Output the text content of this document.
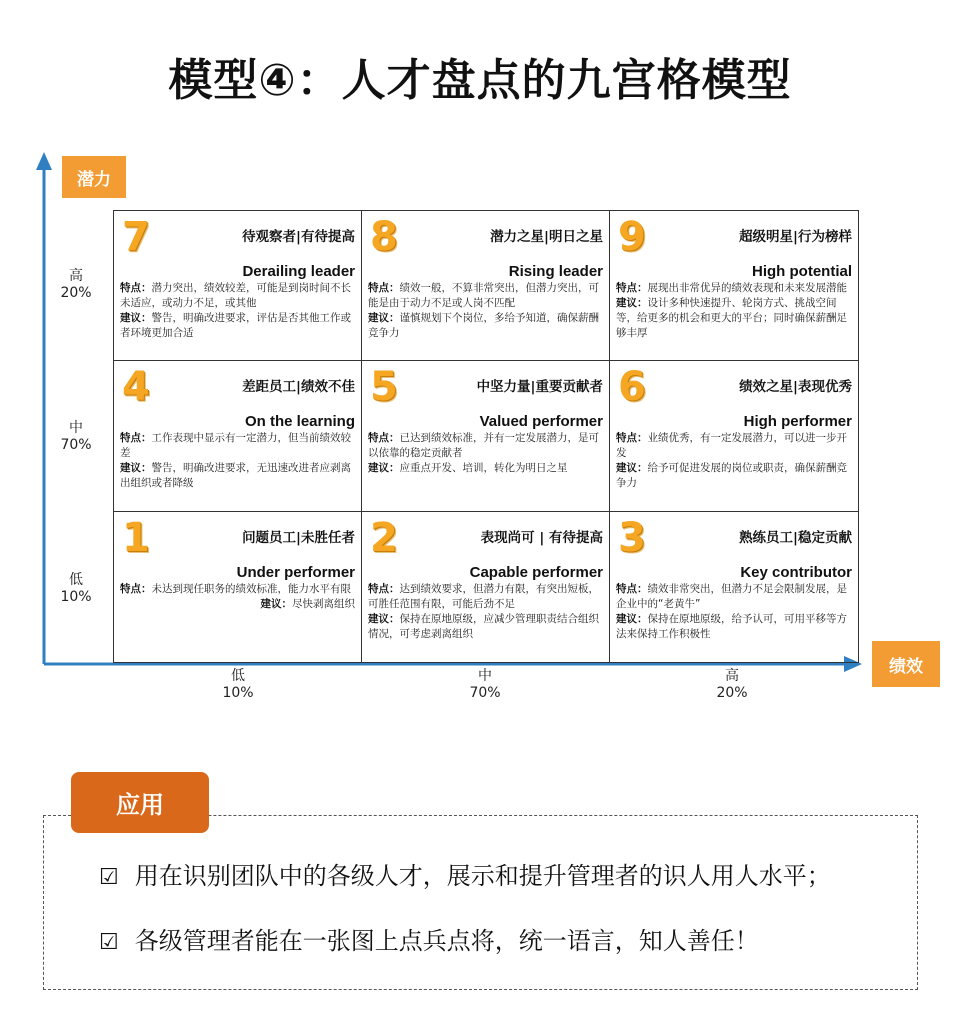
模型④：人才盘点的九宫格模型
潜力
绩效
高
20%
中
70%
低
10%
低
10%
中
70%
高
20%
7	待观察者|有待提高
Derailing leader

特点：潜力突出，绩效较差，可能是到岗时间不长未适应，或动力不足，或其他

建议：警告，明确改进要求，评估是否其他工作或者环境更加合适

8	潜力之星|明日之星
Rising leader

特点：绩效一般，不算非常突出，但潜力突出，可能是由于动力不足或人岗不匹配

建议：谨慎规划下个岗位，多给予知道，确保薪酬竞争力

9	超级明星|行为榜样
High potential

特点：展现出非常优异的绩效表现和未来发展潜能

建议：设计多种快速提升、轮岗方式、挑战空间等，给更多的机会和更大的平台；同时确保薪酬足够丰厚

4	差距员工|绩效不佳
On the learning

特点：工作表现中显示有一定潜力，但当前绩效较差

建议：警告，明确改进要求，无迅速改进者应剥离出组织或者降级

5	中坚力量|重要贡献者
Valued performer

特点：已达到绩效标准，并有一定发展潜力，是可以依靠的稳定贡献者

建议：应重点开发、培训，转化为明日之星

6	绩效之星|表现优秀
High performer

特点：业绩优秀，有一定发展潜力，可以进一步开发

建议：给予可促进发展的岗位或职责，确保薪酬竞争力

1	问题员工|未胜任者
Under performer

特点：未达到现任职务的绩效标准，能力水平有限

建议：尽快剥离组织

2	表现尚可 | 有待提高
Capable performer

特点：达到绩效要求，但潜力有限，有突出短板，可胜任范围有限，可能后劲不足

建议：保持在原地原级，应减少管理职责结合组织情况，可考虑剥离组织

3	熟练员工|稳定贡献
Key contributor

特点：绩效非常突出，但潜力不足会限制发展，是企业中的“老黄牛”

建议：保持在原地原级，给予认可，可用平移等方法来保持工作积极性

☑ 用在识别团队中的各级人才，展示和提升管理者的识人用人水平；
☑ 各级管理者能在一张图上点兵点将，统一语言，知人善任！
应用
